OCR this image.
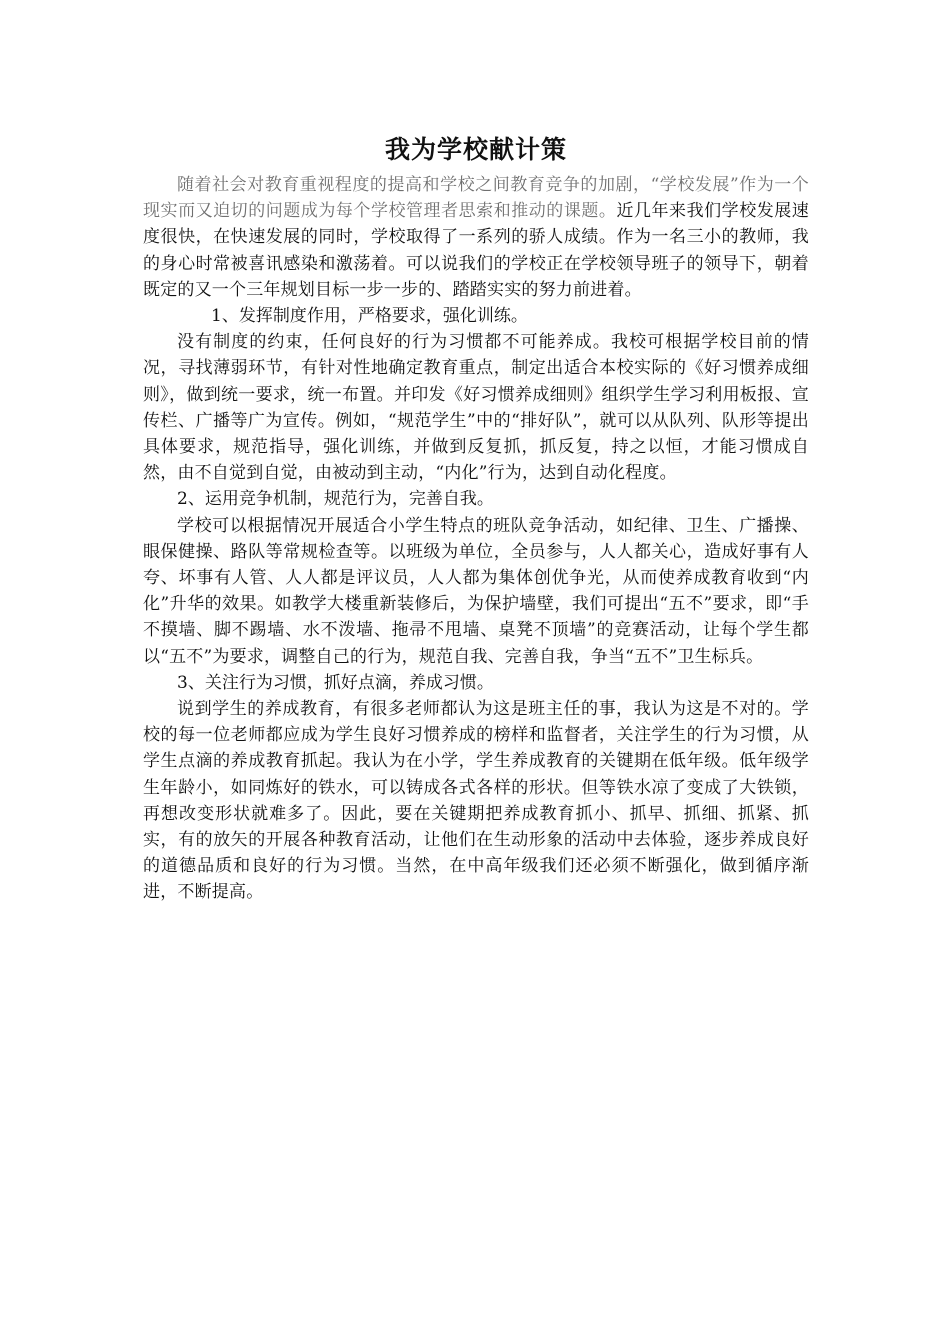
我为学校献计策

随着社会对教育重视程度的提高和学校之间教育竞争的加剧，“学校发展”作为一个现实而又迫切的问题成为每个学校管理者思索和推动的课题。近几年来我们学校发展速度很快，在快速发展的同时，学校取得了一系列的骄人成绩。作为一名三小的教师，我的身心时常被喜讯感染和激荡着。可以说我们的学校正在学校领导班子的领导下，朝着既定的又一个三年规划目标一步一步的、踏踏实实的努力前进着。

1、发挥制度作用，严格要求，强化训练。

没有制度的约束，任何良好的行为习惯都不可能养成。我校可根据学校目前的情况，寻找薄弱环节，有针对性地确定教育重点，制定出适合本校实际的《好习惯养成细则》，做到统一要求，统一布置。并印发《好习惯养成细则》组织学生学习利用板报、宣传栏、广播等广为宣传。例如，“规范学生”中的“排好队”，就可以从队列、队形等提出具体要求，规范指导，强化训练，并做到反复抓，抓反复，持之以恒，才能习惯成自然，由不自觉到自觉，由被动到主动，“内化”行为，达到自动化程度。

2、运用竞争机制，规范行为，完善自我。

学校可以根据情况开展适合小学生特点的班队竞争活动，如纪律、卫生、广播操、眼保健操、路队等常规检查等。以班级为单位，全员参与，人人都关心，造成好事有人夸、坏事有人管、人人都是评议员，人人都为集体创优争光，从而使养成教育收到“内化”升华的效果。如教学大楼重新装修后，为保护墙壁，我们可提出“五不”要求，即“手不摸墙、脚不踢墙、水不泼墙、拖帚不甩墙、桌凳不顶墙”的竞赛活动，让每个学生都以“五不”为要求，调整自己的行为，规范自我、完善自我，争当“五不”卫生标兵。

3、关注行为习惯，抓好点滴，养成习惯。

说到学生的养成教育，有很多老师都认为这是班主任的事，我认为这是不对的。学校的每一位老师都应成为学生良好习惯养成的榜样和监督者，关注学生的行为习惯，从学生点滴的养成教育抓起。我认为在小学，学生养成教育的关键期在低年级。低年级学生年龄小，如同炼好的铁水，可以铸成各式各样的形状。但等铁水凉了变成了大铁锁，再想改变形状就难多了。因此，要在关键期把养成教育抓小、抓早、抓细、抓紧、抓实，有的放矢的开展各种教育活动，让他们在生动形象的活动中去体验，逐步养成良好的道德品质和良好的行为习惯。当然，在中高年级我们还必须不断强化，做到循序渐进，不断提高。
